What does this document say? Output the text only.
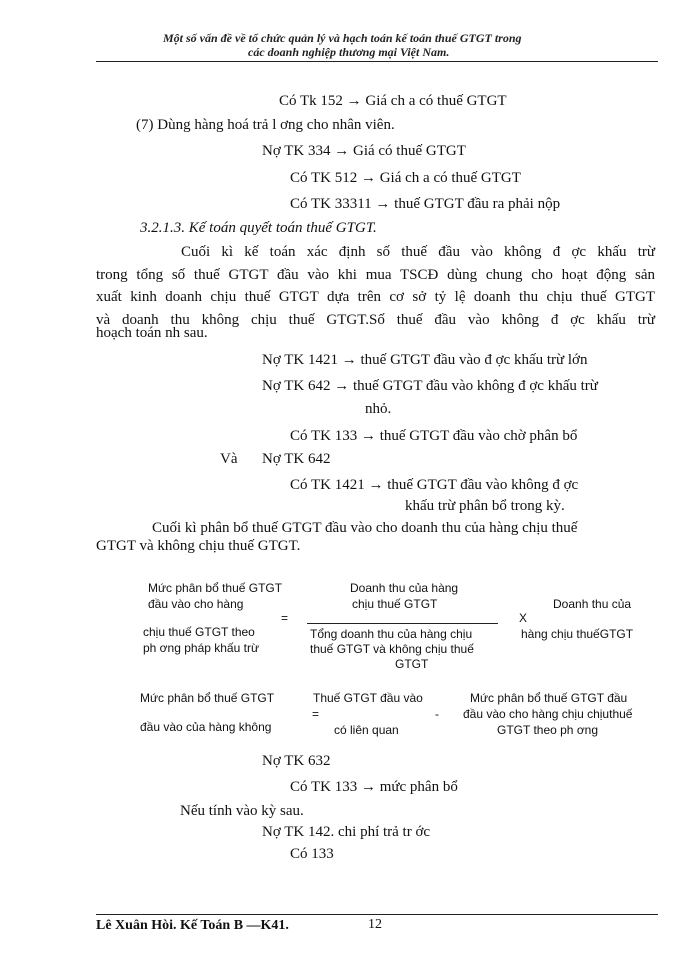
Một số vấn đề về tổ chức quản lý và hạch toán kế toán thuế GTGT trong
các doanh nghiệp thương mại Việt Nam.
Có Tk 152 → Giá ch a có thuế GTGT
(7) Dùng hàng hoá trả l ơng cho nhân viên.
Nợ TK 334 → Giá có thuế GTGT
Có TK 512 → Giá ch a có thuế GTGT
Có TK 33311 → thuế GTGT đầu ra phải nộp
3.2.1.3. Kế toán quyết toán thuế GTGT.
Cuối kì kế toán xác định số thuế đầu vào không đ ợc khấu trừ
trong tổng số thuế GTGT đầu vào khi mua TSCĐ dùng chung cho hoạt động sản
xuất kinh doanh chịu thuế GTGT dựa trên cơ sở tỷ lệ doanh thu chịu thuế GTGT
và doanh thu không chịu thuế GTGT.Số thuế đầu vào không đ ợc khấu trừ
hoạch toán nh sau.
Nợ TK 1421 → thuế GTGT đầu vào đ ợc khấu trừ lớn
Nợ TK 642 → thuế GTGT đầu vào không đ ợc khấu trừ
nhỏ.
Có TK 133 → thuế GTGT đầu vào chờ phân bổ
Và Nợ TK 642
Có TK 1421 → thuế GTGT đầu vào không đ ợc
khấu trừ phân bổ trong kỳ.
Cuối kì phân bổ thuế GTGT đầu vào cho doanh thu của hàng chịu thuế
GTGT và không chịu thuế GTGT.
Mức phân bổ thuế GTGT
đầu vào cho hàng
=
chịu thuế GTGT theo
ph ơng pháp khấu trừ
Doanh thu của hàng
chịu thuế GTGT
Tổng doanh thu của hàng chịu
thuế GTGT và không chịu thuế
GTGT
X
Doanh thu của
hàng chịu thuếGTGT
Mức phân bổ thuế GTGT
đầu vào của hàng không
Thuế GTGT đầu vào
=
có liên quan
-
Mức phân bổ thuế GTGT đầu
đầu vào cho hàng chịu chịuthuế
GTGT theo ph ơng
Nợ TK 632
Có TK 133 → mức phân bổ
Nếu tính vào kỳ sau.
Nợ TK 142. chi phí trả tr ớc
Có 133
Lê Xuân Hòi. Kế Toán B —K41.	12
